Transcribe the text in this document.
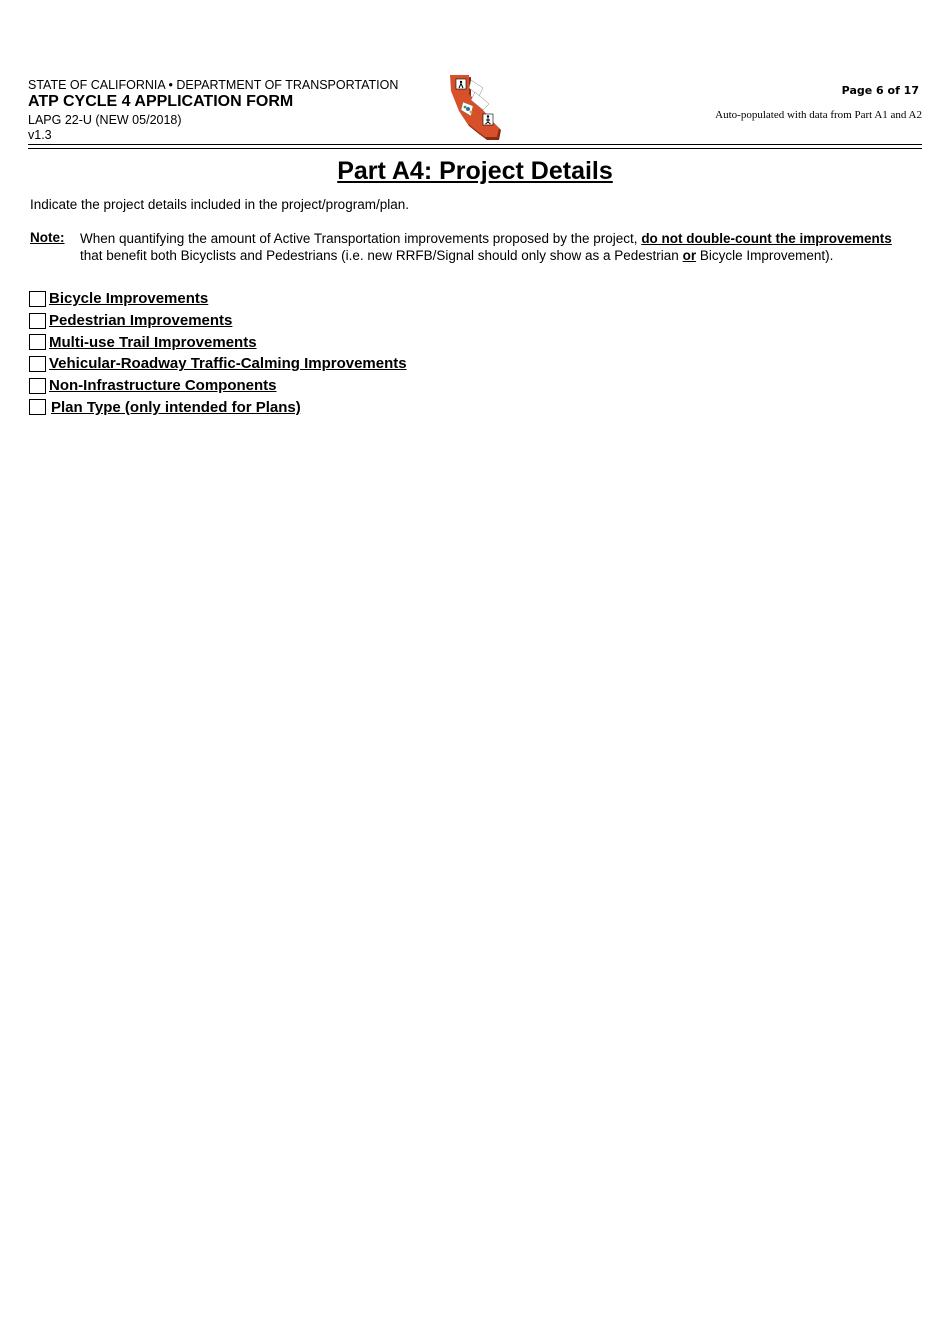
STATE OF CALIFORNIA • DEPARTMENT OF TRANSPORTATION
ATP CYCLE 4 APPLICATION FORM
LAPG 22-U (NEW 05/2018)
v1.3
Page 6 of 17
Auto-populated with data from Part A1 and A2
Part A4: Project Details
Indicate the project details included in the project/program/plan.
Note: When quantifying the amount of Active Transportation improvements proposed by the project, do not double-count the improvements that benefit both Bicyclists and Pedestrians (i.e. new RRFB/Signal should only show as a Pedestrian or Bicycle Improvement).
Bicycle Improvements
Pedestrian Improvements
Multi-use Trail Improvements
Vehicular-Roadway Traffic-Calming Improvements
Non-Infrastructure Components
Plan Type (only intended for Plans)
